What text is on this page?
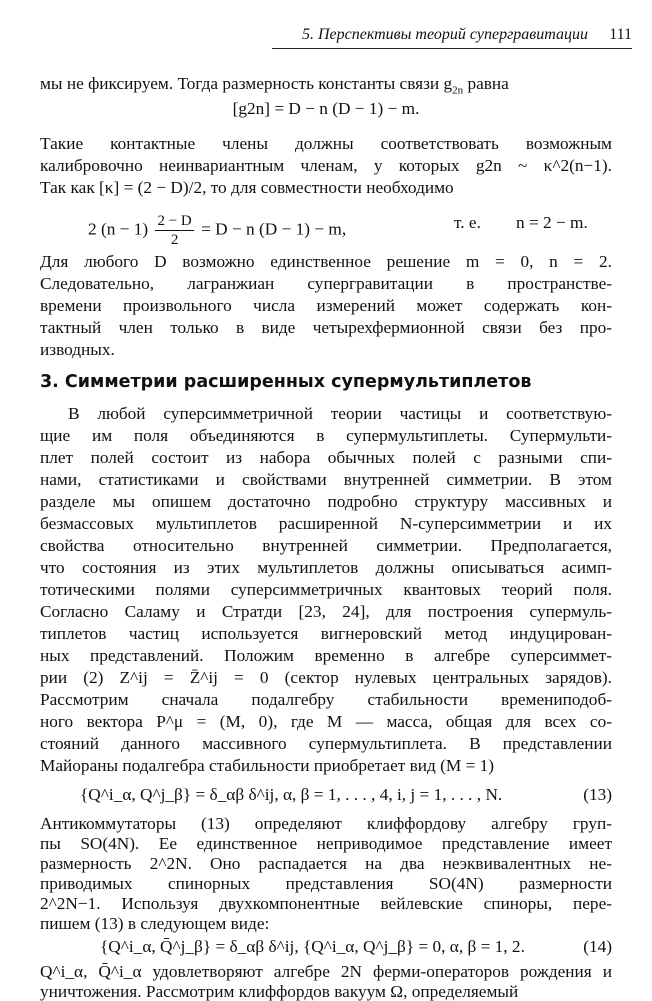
5. Перспективы теорий супергравитации 111
мы не фиксируем. Тогда размерность константы связи $g_{2n}$ равна
[g2n] = D − n (D − 1) − m.
Такие контактные члены должны соответствовать возможным
калибровочно неинвариантным членам, у которых g2n ~ κ^2(n−1).
Так как [κ] = (2 − D)/2, то для совместности необходимо
2 $(n - 1) \frac{2 - D}{2} = D - n$ (D − 1) − m,	т. е. n = 2 − m.
Для любого D возможно единственное решение m = 0, n = 2.
Следовательно, лагранжиан супергравитации в пространстве-
времени произвольного числа измерений может содержать кон-
тактный член только в виде четырехфермионной связи без про-
изводных.
3. Симметрии расширенных супермультиплетов
В любой суперсимметричной теории частицы и соответствую-
щие им поля объединяются в супермультиплеты. Супермульти-
плет полей состоит из набора обычных полей с разными спи-
нами, статистиками и свойствами внутренней симметрии. В этом
разделе мы опишем достаточно подробно структуру массивных и
безмассовых мультиплетов расширенной N-суперсимметрии и их
свойства относительно внутренней симметрии. Предполагается,
что состояния из этих мультиплетов должны описываться асимп-
тотическими полями суперсимметричных квантовых теорий поля.
Согласно Саламу и Стратди [23, 24], для построения супермуль-
типлетов частиц используется вигнеровский метод индуцирован-
ных представлений. Положим временно в алгебре суперсиммет-
рии (2) Z^ij = Z̄^ij = 0 (сектор нулевых центральных зарядов).
Рассмотрим сначала подалгебру стабильности времениподоб-
ного вектора P^μ = (M, 0), где M — масса, общая для всех со-
стояний данного массивного супермультиплета. В представлении
Майораны подалгебра стабильности приобретает вид (M = 1)
{Q^i_α, Q^j_β} = δ_αβ δ^ij, α, β = 1, . . . , 4, i, j = 1, . . . , N.	(13)
Антикоммутаторы (13) определяют клиффордову алгебру груп-
пы SO(4N). Ее единственное неприводимое представление имеет
размерность 2^2N. Оно распадается на два неэквивалентных не-
приводимых спинорных представления SO(4N) размерности
2^2N−1. Используя двухкомпонентные вейлевские спиноры, пере-
пишем (13) в следующем виде:
{Q^i_α, Q̄^j_β} = δ_αβ δ^ij, {Q^i_α, Q^j_β} = 0, α, β = 1, 2.	(14)
Q^i_α, Q̄^i_α удовлетворяют алгебре 2N ферми-операторов рождения и
уничтожения. Рассмотрим клиффордов вакуум Ω, определяемый
